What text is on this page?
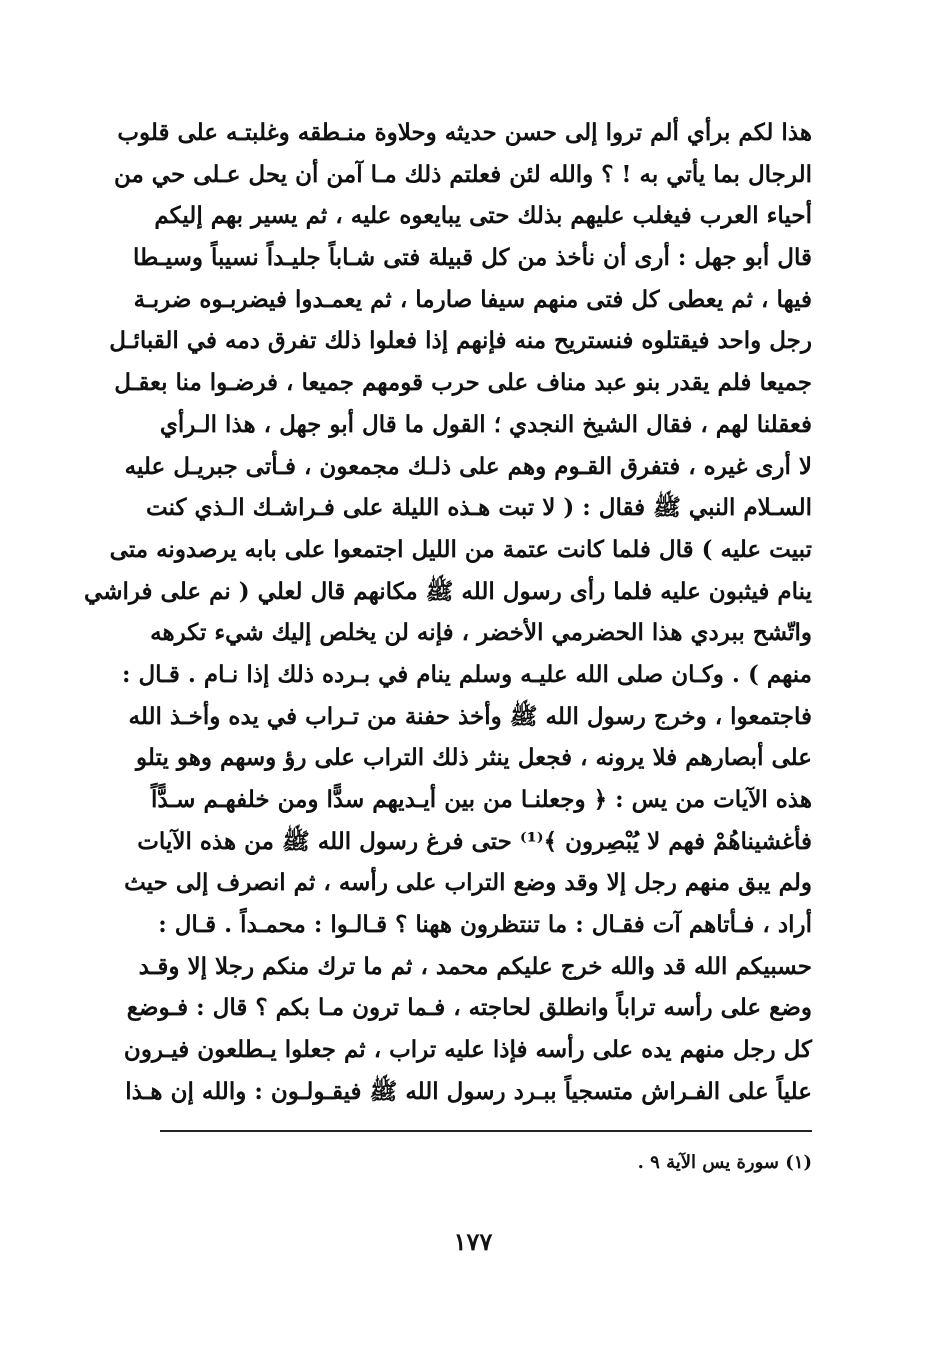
هذا لكم برأي ألم تروا إلى حسن حديثه وحلاوة منـطقه وغلبتـه على قلوب
الرجال بما يأتي به ! ؟ والله لئن فعلتم ذلك مـا آمن أن يحل عـلى حي من
أحياء العرب فيغلب عليهم بذلك حتى يبايعوه عليه ، ثم يسير بهم إليكم
قال أبو جهل : أرى أن نأخذ من كل قبيلة فتى شـاباً جليـداً نسيباً وسيـطا
فيها ، ثم يعطى كل فتى منهم سيفا صارما ، ثم يعمـدوا فيضربـوه ضربـة
رجل واحد فيقتلوه فنستريح منه فإنهم إذا فعلوا ذلك تفرق دمه في القبائـل
جميعا فلم يقدر بنو عبد مناف على حرب قومهم جميعا ، فرضـوا منا بعقـل
فعقلنا لهم ، فقال الشيخ النجدي ؛ القول ما قال أبو جهل ، هذا الـرأي
لا أرى غيره ، فتفرق القـوم وهم على ذلـك مجمعون ، فـأتى جبريـل عليه
السـلام النبي ﷺ فقال : ( لا تبت هـذه الليلة على فـراشـك الـذي كنت
تبيت عليه ) قال فلما كانت عتمة من الليل اجتمعوا على بابه يرصدونه متى
ينام فيثبون عليه فلما رأى رسول الله ﷺ مكانهم قال لعلي ( نم على فراشي
واتّشح ببردي هذا الحضرمي الأخضر ، فإنه لن يخلص إليك شيء تكرهه
منهم ) . وكـان صلى الله عليـه وسلم ينام في بـرده ذلك إذا نـام . قـال :
فاجتمعوا ، وخرج رسول الله ﷺ وأخذ حفنة من تـراب في يده وأخـذ الله
على أبصارهم فلا يرونه ، فجعل ينثر ذلك التراب على رؤ وسهم وهو يتلو
هذه الآيات من يس : ﴿ وجعلنـا من بين أيـديهم سدًّا ومن خلفهـم سـدًّاً
فأغشيناهُمْ فهم لا يُبْصِرون ﴾⁽¹⁾ حتى فرغ رسول الله ﷺ من هذه الآيات
ولم يبق منهم رجل إلا وقد وضع التراب على رأسه ، ثم انصرف إلى حيث
أراد ، فـأتاهم آت فقـال : ما تنتظرون ههنا ؟ قـالـوا : محمـداً . قـال :
حسبيكم الله قد والله خرج عليكم محمد ، ثم ما ترك منكم رجلا إلا وقـد
وضع على رأسه تراباً وانطلق لحاجته ، فـما ترون مـا بكم ؟ قال : فـوضع
كل رجل منهم يده على رأسه فإذا عليه تراب ، ثم جعلوا يـطلعون فيـرون
علياً على الفـراش متسجياً ببـرد رسول الله ﷺ فيقـولـون : والله إن هـذا
(١) سورة يس الآية ٩ .
١٧٧
